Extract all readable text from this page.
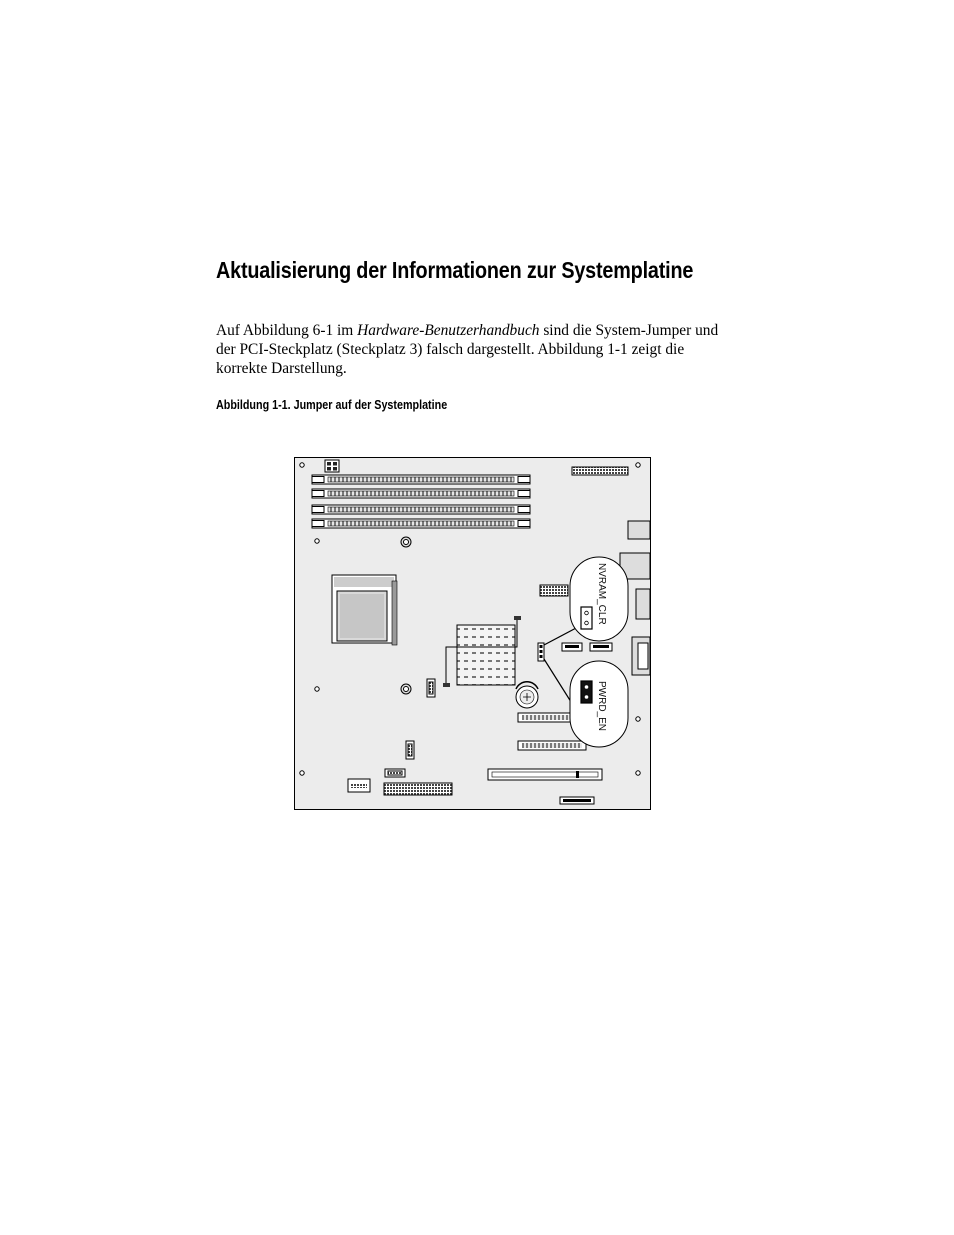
Aktualisierung der Informationen zur Systemplatine

Auf Abbildung 6-1 im Hardware-Benutzerhandbuch sind die System-Jumper und der PCI-Steckplatz (Steckplatz 3) falsch dargestellt. Abbildung 1-1 zeigt die korrekte Darstellung.

Abbildung 1-1. Jumper auf der Systemplatine

NVRAM_CLR
PWRD_EN
